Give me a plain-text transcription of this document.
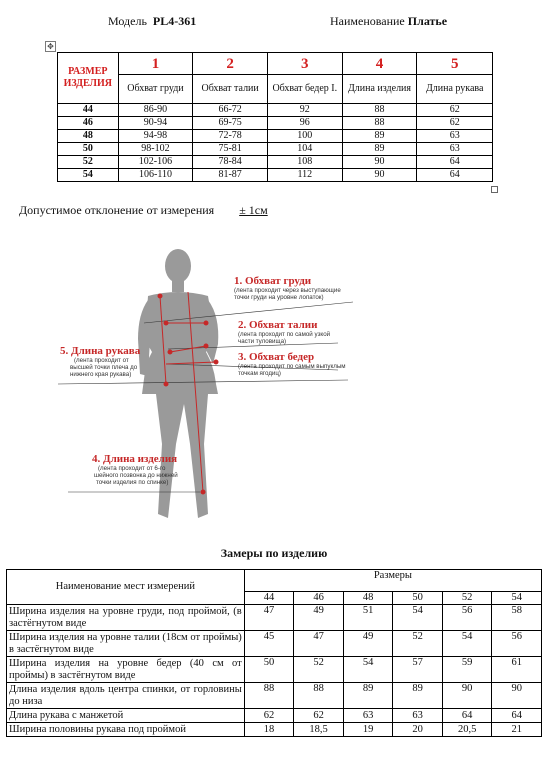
Модель PL4-361	Наименование Платье
✥
РАЗМЕР ИЗДЕЛИЯ	1	2	3	4	5
	Обхват груди	Обхват талии	Обхват бедер I.	Длина изделия	Длина рукава
44	86-90	66-72	92	88	62
46	90-94	69-75	96	88	62
48	94-98	72-78	100	89	63
50	98-102	75-81	104	89	63
52	102-106	78-84	108	90	64
54	106-110	81-87	112	90	64
Допустимое отклонение от измерения ± 1см
1. Обхват груди
(лента проходит через выступающие
точки груди на уровне лопаток)
2. Обхват талии
(лента проходит по самой узкой
части туловища)
3. Обхват бедер
(лента проходит по самым выпуклым
точкам ягодиц)
5. Длина рукава
(лента проходит от
высшей точки плеча до
нижнего края рукава)
4. Длина изделия
(лента проходит от 6-го
шейного позвонка до нижней
точки изделия по спинке)
Замеры по изделию
Наименование мест измерений	Размеры					
	44	46	48	50	52	54
Ширина изделия на уровне груди, под проймой, (в застёгнутом виде	47	49	51	54	56	58
Ширина изделия на уровне талии (18см от проймы) в застёгнутом виде	45	47	49	52	54	56
Ширина изделия на уровне бедер (40 см от проймы) в застёгнутом виде	50	52	54	57	59	61
Длина изделия вдоль центра спинки, от горловины до низа	88	88	89	89	90	90
Длина рукава с манжетой	62	62	63	63	64	64
Ширина половины рукава под проймой	18	18,5	19	20	20,5	21
